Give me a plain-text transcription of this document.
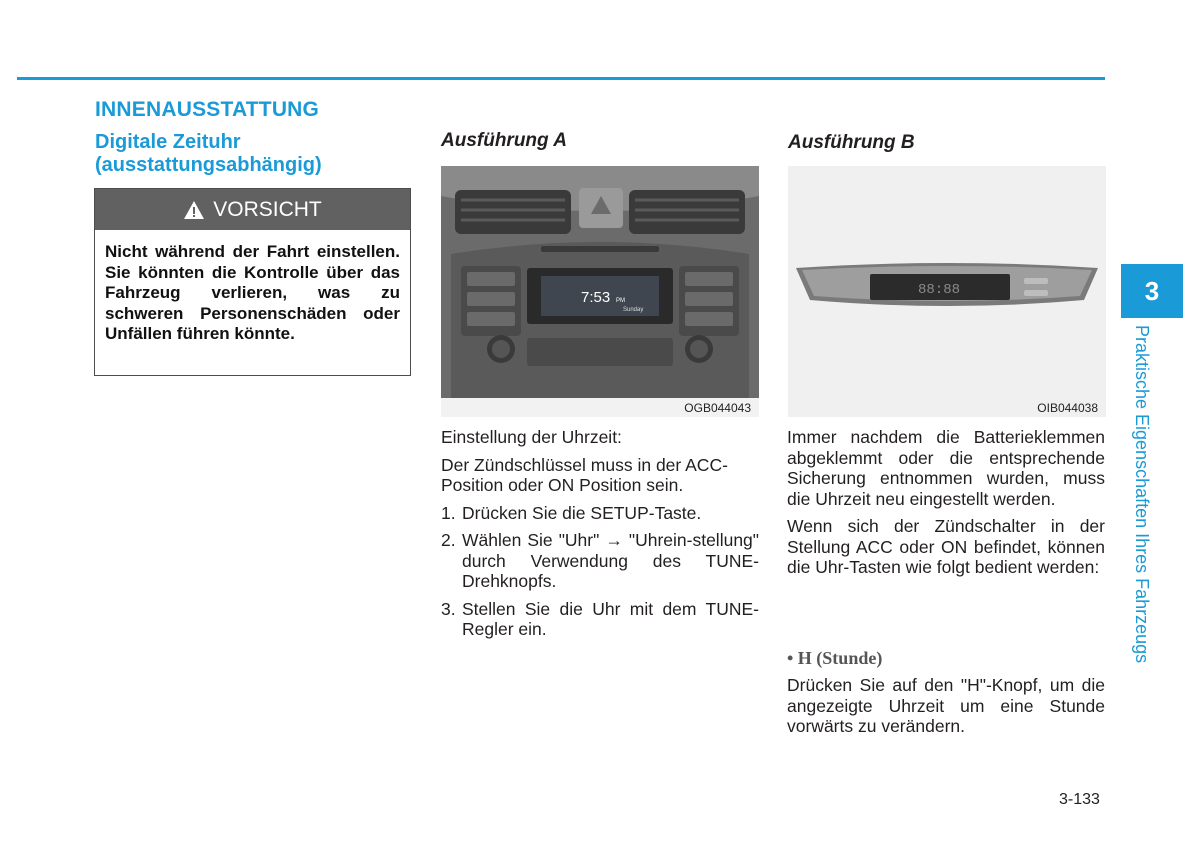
INNENAUSSTATTUNG
Digitale Zeituhr
(ausstattungsabhängig)
VORSICHT
Nicht während der Fahrt einstellen. Sie könnten die Kontrolle über das Fahrzeug verlieren, was zu schweren Personenschäden oder Unfällen führen könnte.
Ausführung A
7:53 PM
Sunday
OGB044043

Einstellung der Uhrzeit:

Der Zündschlüssel muss in der ACC-Position oder ON Position sein.

1. Drücken Sie die SETUP-Taste.
2. Wählen Sie "Uhr" → "Uhrein-stellung" durch Verwendung des TUNE-Drehknopfs.
3. Stellen Sie die Uhr mit dem TUNE-Regler ein.
Ausführung B
88:88
OIB044038

Immer nachdem die Batterieklemmen abgeklemmt oder die entsprechende Sicherung entnommen wurden, muss die Uhrzeit neu eingestellt werden.

Wenn sich der Zündschalter in der Stellung ACC oder ON befindet, können die Uhr-Tasten wie folgt bedient werden:

• H (Stunde)

Drücken Sie auf den "H"-Knopf, um die angezeigte Uhrzeit um eine Stunde vorwärts zu verändern.

3
Praktische Eigenschaften Ihres Fahrzeugs
3-133
